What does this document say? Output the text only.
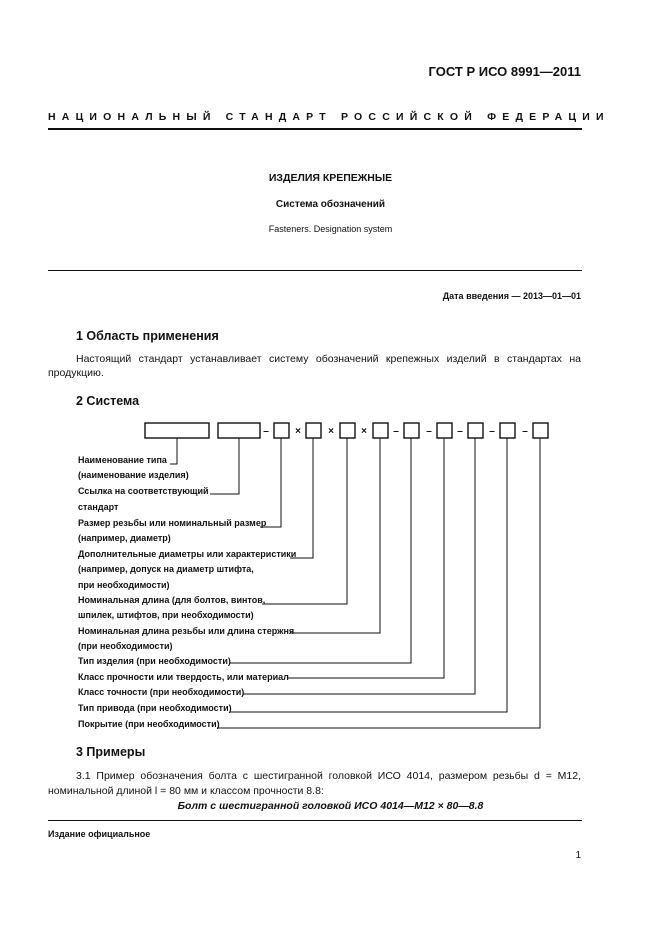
ГОСТ Р ИСО 8991—2011
НАЦИОНАЛЬНЫЙ СТАНДАРТ РОССИЙСКОЙ ФЕДЕРАЦИИ
ИЗДЕЛИЯ КРЕПЕЖНЫЕ
Система обозначений
Fasteners. Designation system
Дата введения — 2013—01—01
1 Область применения
Настоящий стандарт устанавливает систему обозначений крепежных изделий в стандартах на
продукцию.
2 Система
–	×	×	×	–	–	–	–	–
Наименование типа
(наименование изделия)
Ссылка на соответствующий
стандарт
Размер резьбы или номинальный размер
(например, диаметр)
Дополнительные диаметры или характеристики
(например, допуск на диаметр штифта,
при необходимости)
Номинальная длина (для болтов, винтов,
шпилек, штифтов, при необходимости)
Номинальная длина резьбы или длина стержня
(при необходимости)
Тип изделия (при необходимости)
Класс прочности или твердость, или материал
Класс точности (при необходимости)
Тип привода (при необходимости)
Покрытие (при необходимости)
3 Примеры
3.1 Пример обозначения болта с шестигранной головкой ИСО 4014, размером резьбы d = M12,
номинальной длиной l = 80 мм и классом прочности 8.8:
Болт с шестигранной головкой ИСО 4014—M12 × 80—8.8
Издание официальное
1
